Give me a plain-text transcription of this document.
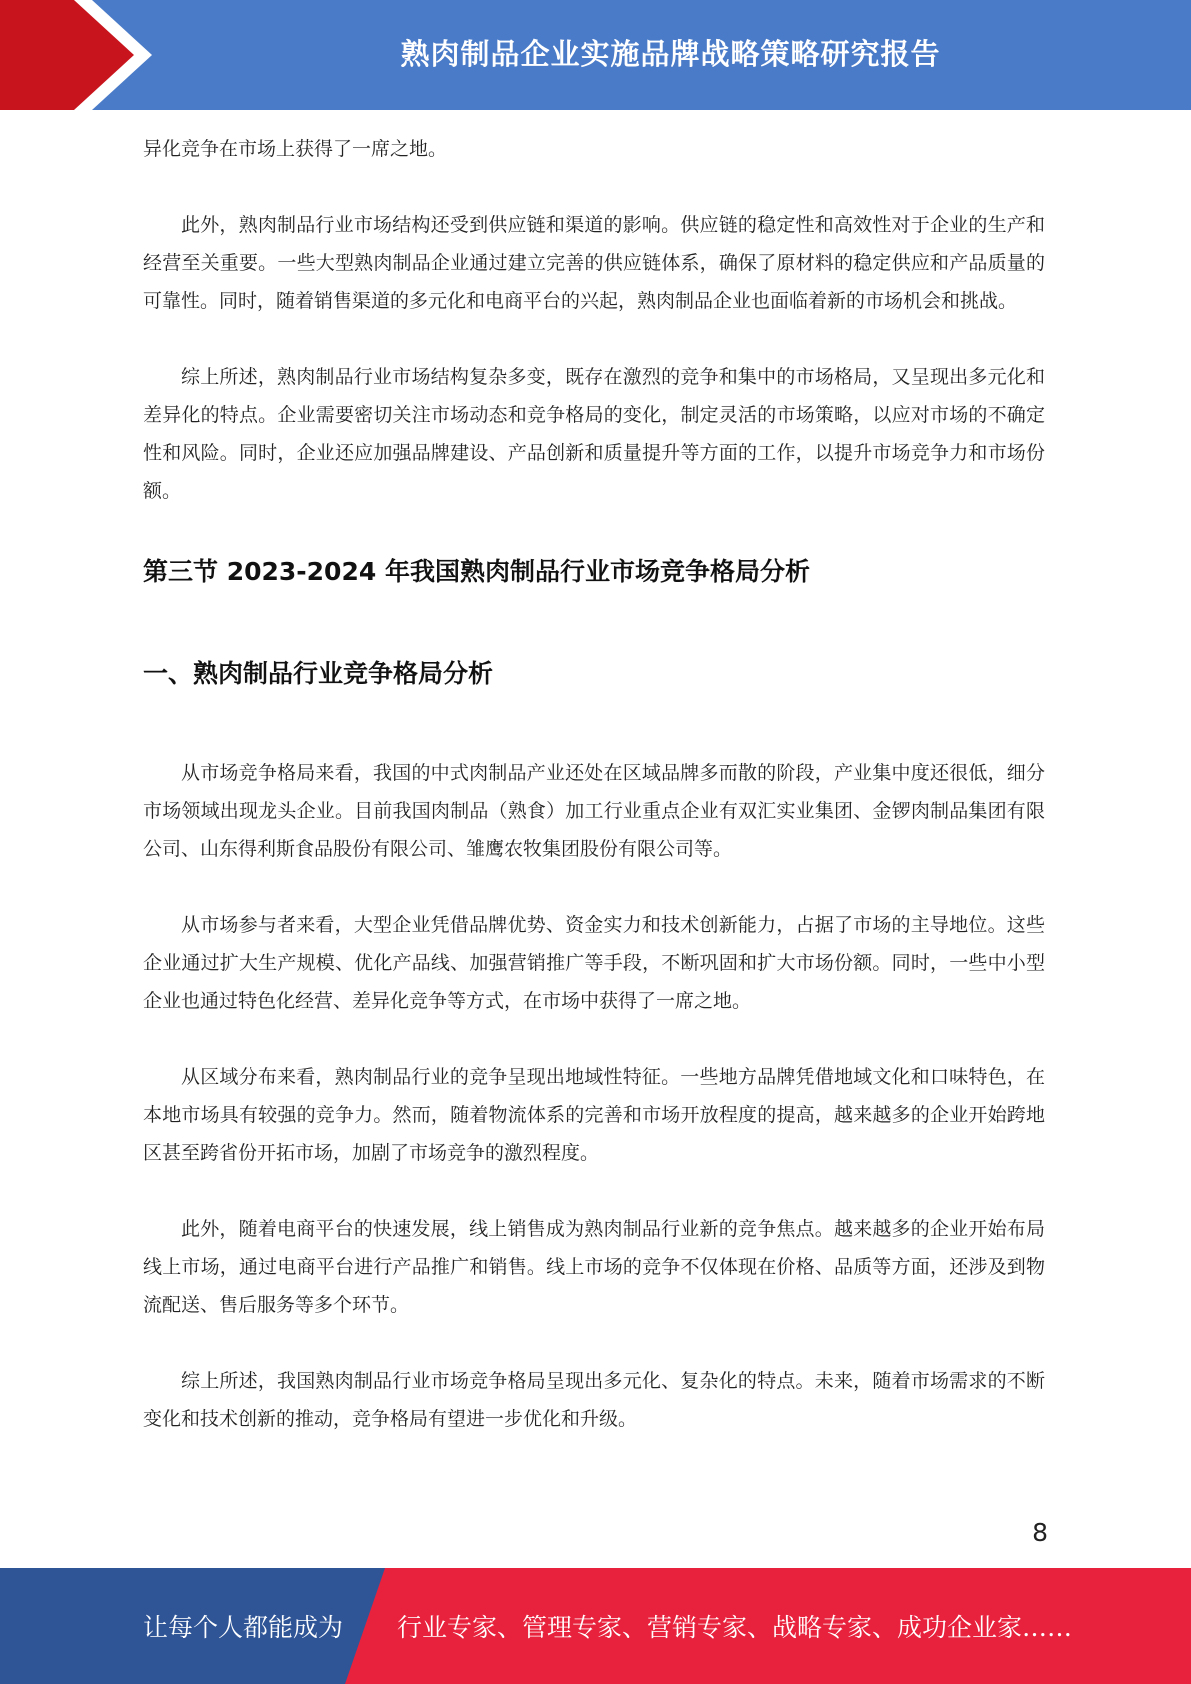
熟肉制品企业实施品牌战略策略研究报告

异化竞争在市场上获得了一席之地。

此外，熟肉制品行业市场结构还受到供应链和渠道的影响。供应链的稳定性和高效性对于企业的生产和经营至关重要。一些大型熟肉制品企业通过建立完善的供应链体系，确保了原材料的稳定供应和产品质量的可靠性。同时，随着销售渠道的多元化和电商平台的兴起，熟肉制品企业也面临着新的市场机会和挑战。

综上所述，熟肉制品行业市场结构复杂多变，既存在激烈的竞争和集中的市场格局，又呈现出多元化和差异化的特点。企业需要密切关注市场动态和竞争格局的变化，制定灵活的市场策略，以应对市场的不确定性和风险。同时，企业还应加强品牌建设、产品创新和质量提升等方面的工作，以提升市场竞争力和市场份额。

第三节 2023-2024 年我国熟肉制品行业市场竞争格局分析
一、熟肉制品行业竞争格局分析

从市场竞争格局来看，我国的中式肉制品产业还处在区域品牌多而散的阶段，产业集中度还很低，细分市场领域出现龙头企业。目前我国肉制品（熟食）加工行业重点企业有双汇实业集团、金锣肉制品集团有限公司、山东得利斯食品股份有限公司、雏鹰农牧集团股份有限公司等。

从市场参与者来看，大型企业凭借品牌优势、资金实力和技术创新能力，占据了市场的主导地位。这些企业通过扩大生产规模、优化产品线、加强营销推广等手段，不断巩固和扩大市场份额。同时，一些中小型企业也通过特色化经营、差异化竞争等方式，在市场中获得了一席之地。

从区域分布来看，熟肉制品行业的竞争呈现出地域性特征。一些地方品牌凭借地域文化和口味特色，在本地市场具有较强的竞争力。然而，随着物流体系的完善和市场开放程度的提高，越来越多的企业开始跨地区甚至跨省份开拓市场，加剧了市场竞争的激烈程度。

此外，随着电商平台的快速发展，线上销售成为熟肉制品行业新的竞争焦点。越来越多的企业开始布局线上市场，通过电商平台进行产品推广和销售。线上市场的竞争不仅体现在价格、品质等方面，还涉及到物流配送、售后服务等多个环节。

综上所述，我国熟肉制品行业市场竞争格局呈现出多元化、复杂化的特点。未来，随着市场需求的不断变化和技术创新的推动，竞争格局有望进一步优化和升级。

8
让每个人都能成为 行业专家、管理专家、营销专家、战略专家、成功企业家……
